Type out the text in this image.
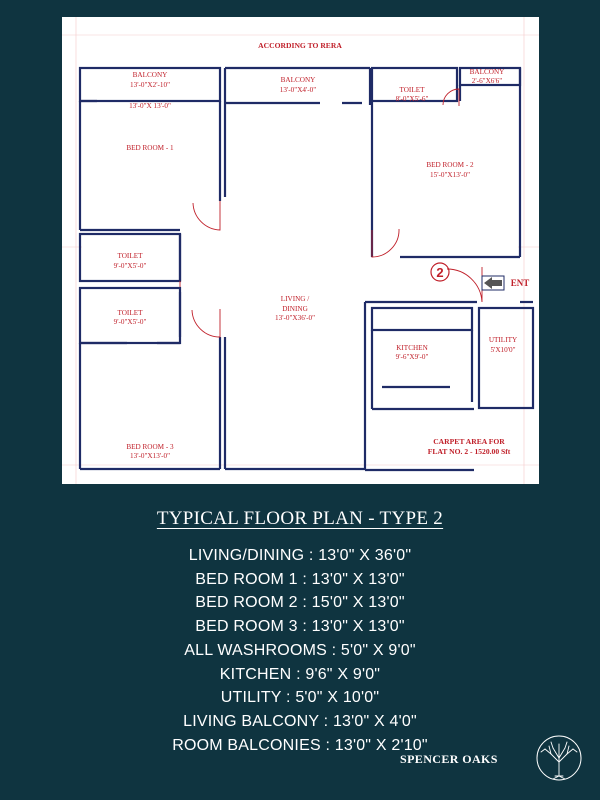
ACCORDING TO RERA
2
ENT
BALCONY
13'-0"X2'-10"
13'-0"X 13'-0"
BED ROOM - 1
BALCONY
13'-0"X4'-0"	TOILET
8'-0"X5'-6"
BALCONY
2'-6"X6'6"
BED ROOM - 2
15'-0"X13'-0"
TOILET
9'-0"X5'-0"
TOILET
9'-0"X5'-0"
LIVING /
DINING
13'-0"X36'-0"
KITCHEN
9'-6"X9'-0"
UTILITY
5'X10'0"
BED ROOM - 3
13'-0"X13'-0"
CARPET AREA FOR
FLAT NO. 2 - 1520.00 Sft
TYPICAL FLOOR PLAN - TYPE 2
LIVING/DINING : 13'0" X 36'0"
BED ROOM 1 : 13'0" X 13'0"
BED ROOM 2 : 15'0" X 13'0"
BED ROOM 3 : 13'0" X 13'0"
ALL WASHROOMS : 5'0" X 9'0"
KITCHEN : 9'6" X 9'0"
UTILITY : 5'0" X 10'0"
LIVING BALCONY : 13'0" X 4'0"
ROOM BALCONIES : 13'0" X 2'10"
SPENCER OAKS
